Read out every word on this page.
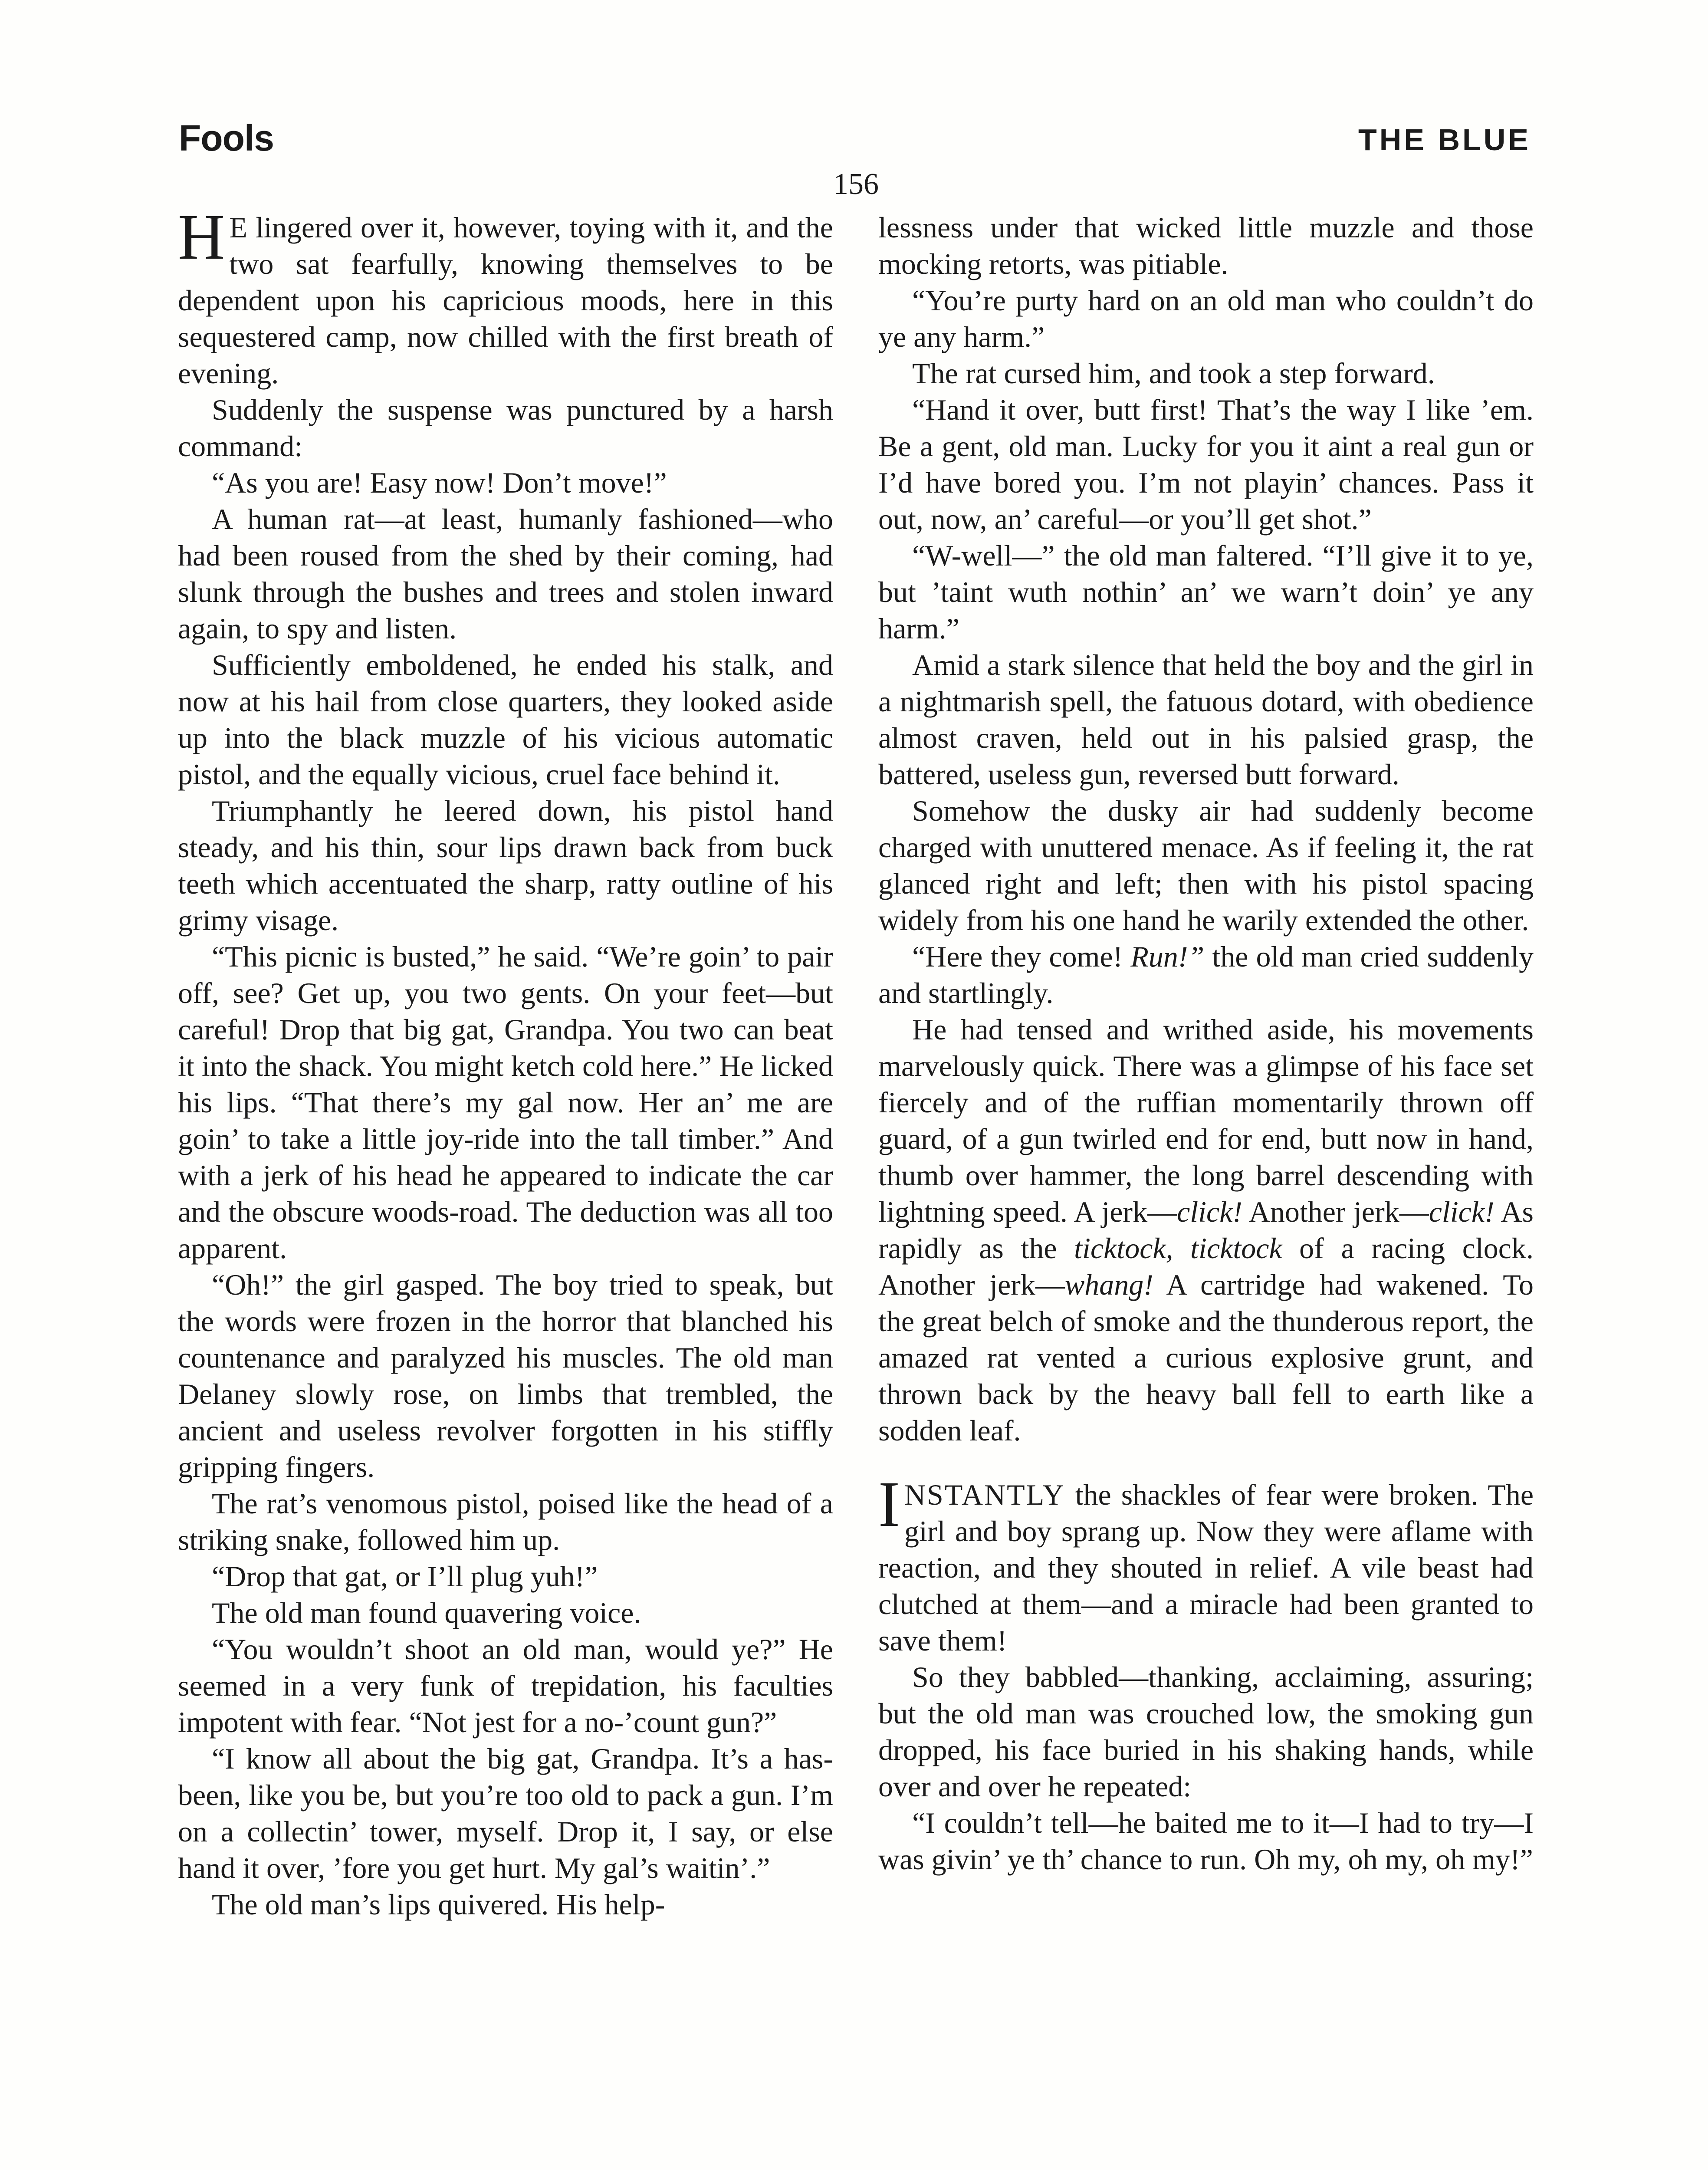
Fools	THE BLUE
156

H E lingered over it, however, toying with it, and the two sat fearfully, knowing themselves to be dependent upon his capricious moods, here in this sequestered camp, now chilled with the first breath of evening.

Suddenly the suspense was punctured by a harsh command:

“As you are! Easy now! Don’t move!”

A human rat—at least, humanly fashioned—who had been roused from the shed by their coming, had slunk through the bushes and trees and stolen inward again, to spy and listen.

Sufficiently emboldened, he ended his stalk, and now at his hail from close quarters, they looked aside up into the black muzzle of his vicious automatic pistol, and the equally vicious, cruel face behind it.

Triumphantly he leered down, his pistol hand steady, and his thin, sour lips drawn back from buck teeth which accentuated the sharp, ratty outline of his grimy visage.

“This picnic is busted,” he said. “We’re goin’ to pair off, see? Get up, you two gents. On your feet—but careful! Drop that big gat, Grandpa. You two can beat it into the shack. You might ketch cold here.” He licked his lips. “That there’s my gal now. Her an’ me are goin’ to take a little joy-ride into the tall timber.” And with a jerk of his head he appeared to indicate the car and the obscure woods-road. The deduction was all too apparent.

“Oh!” the girl gasped. The boy tried to speak, but the words were frozen in the horror that blanched his countenance and paralyzed his muscles. The old man Delaney slowly rose, on limbs that trembled, the ancient and useless revolver forgotten in his stiffly gripping fingers.

The rat’s venomous pistol, poised like the head of a striking snake, followed him up.

“Drop that gat, or I’ll plug yuh!”

The old man found quavering voice.

“You wouldn’t shoot an old man, would ye?” He seemed in a very funk of trepidation, his faculties impotent with fear. “Not jest for a no-’count gun?”

“I know all about the big gat, Grandpa. It’s a has-been, like you be, but you’re too old to pack a gun. I’m on a collectin’ tower, myself. Drop it, I say, or else hand it over, ’fore you get hurt. My gal’s waitin’.”

The old man’s lips quivered. His help-

lessness under that wicked little muzzle and those mocking retorts, was pitiable.

“You’re purty hard on an old man who couldn’t do ye any harm.”

The rat cursed him, and took a step forward.

“Hand it over, butt first! That’s the way I like ’em. Be a gent, old man. Lucky for you it aint a real gun or I’d have bored you. I’m not playin’ chances. Pass it out, now, an’ careful—or you’ll get shot.”

“W-well—” the old man faltered. “I’ll give it to ye, but ’taint wuth nothin’ an’ we warn’t doin’ ye any harm.”

Amid a stark silence that held the boy and the girl in a nightmarish spell, the fatuous dotard, with obedience almost craven, held out in his palsied grasp, the battered, useless gun, reversed butt forward.

Somehow the dusky air had suddenly become charged with unuttered menace. As if feeling it, the rat glanced right and left; then with his pistol spacing widely from his one hand he warily extended the other.

“Here they come! Run!” the old man cried suddenly and startlingly.

He had tensed and writhed aside, his movements marvelously quick. There was a glimpse of his face set fiercely and of the ruffian momentarily thrown off guard, of a gun twirled end for end, butt now in hand, thumb over hammer, the long barrel descending with lightning speed. A jerk—click! Another jerk—click! As rapidly as the ticktock, ticktock of a racing clock. Another jerk—whang! A cartridge had wakened. To the great belch of smoke and the thunderous report, the amazed rat vented a curious explosive grunt, and thrown back by the heavy ball fell to earth like a sodden leaf.

INSTANTLY the shackles of fear were broken. The girl and boy sprang up. Now they were aflame with reaction, and they shouted in relief. A vile beast had clutched at them—and a miracle had been granted to save them!

So they babbled—thanking, acclaiming, assuring; but the old man was crouched low, the smoking gun dropped, his face buried in his shaking hands, while over and over he repeated:

“I couldn’t tell—he baited me to it—I had to try—I was givin’ ye th’ chance to run. Oh my, oh my, oh my!”
